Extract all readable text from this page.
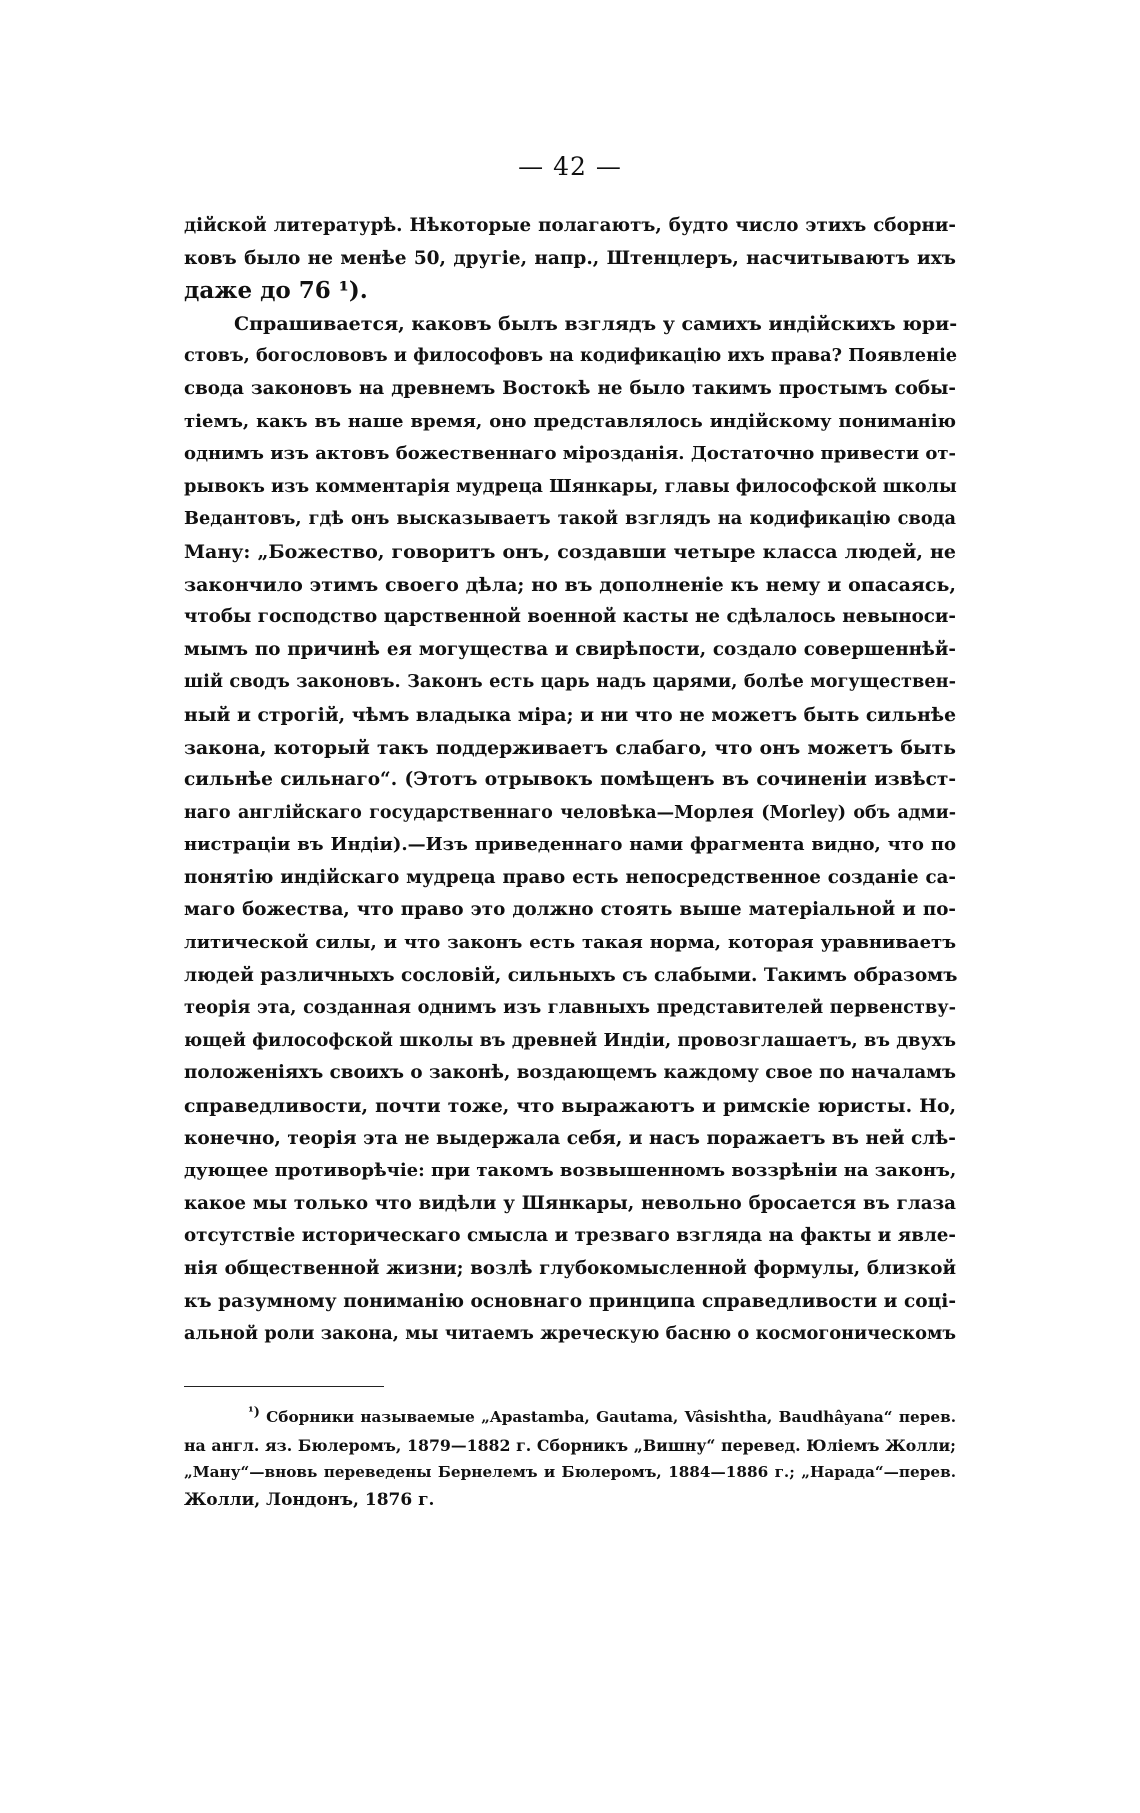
— 42 —
дійской литературѣ. Нѣкоторые полагаютъ, будто число этихъ сборни-
ковъ было не менѣе 50, другіе, напр., Штенцлеръ, насчитываютъ ихъ
даже до 76 ¹).
Спрашивается, каковъ былъ взглядъ у самихъ индійскихъ юри-
стовъ, богослововъ и философовъ на кодификацію ихъ права? Появленіе
свода законовъ на древнемъ Востокѣ не было такимъ простымъ собы-
тіемъ, какъ въ наше время, оно представлялось индійскому пониманію
однимъ изъ актовъ божественнаго мірозданія. Достаточно привести от-
рывокъ изъ комментарія мудреца Шянкары, главы философской школы
Ведантовъ, гдѣ онъ высказываетъ такой взглядъ на кодификацію свода
Ману: „Божество, говоритъ онъ, создавши четыре класса людей, не
закончило этимъ своего дѣла; но въ дополненіе къ нему и опасаясь,
чтобы господство царственной военной касты не сдѣлалось невыноси-
мымъ по причинѣ ея могущества и свирѣпости, создало совершеннѣй-
шій сводъ законовъ. Законъ есть царь надъ царями, болѣе могуществен-
ный и строгій, чѣмъ владыка міра; и ни что не можетъ быть сильнѣе
закона, который такъ поддерживаетъ слабаго, что онъ можетъ быть
сильнѣе сильнаго“. (Этотъ отрывокъ помѣщенъ въ сочиненіи извѣст-
наго англійскаго государственнаго человѣка—Морлея (Morley) объ адми-
нистраціи въ Индіи).—Изъ приведеннаго нами фрагмента видно, что по
понятію индійскаго мудреца право есть непосредственное созданіе са-
маго божества, что право это должно стоять выше матеріальной и по-
литической силы, и что законъ есть такая норма, которая уравниваетъ
людей различныхъ сословій, сильныхъ съ слабыми. Такимъ образомъ
теорія эта, созданная однимъ изъ главныхъ представителей первенству-
ющей философской школы въ древней Индіи, провозглашаетъ, въ двухъ
положеніяхъ своихъ о законѣ, воздающемъ каждому свое по началамъ
справедливости, почти тоже, что выражаютъ и римскіе юристы. Но,
конечно, теорія эта не выдержала себя, и насъ поражаетъ въ ней слѣ-
дующее противорѣчіе: при такомъ возвышенномъ воззрѣніи на законъ,
какое мы только что видѣли у Шянкары, невольно бросается въ глаза
отсутствіе историческаго смысла и трезваго взгляда на факты и явле-
нія общественной жизни; возлѣ глубокомысленной формулы, близкой
къ разумному пониманію основнаго принципа справедливости и соці-
альной роли закона, мы читаемъ жреческую басню о космогоническомъ
¹) Сборники называемые „Apastamba, Gautama, Vâsishtha, Baudhâyana“ перев.
на англ. яз. Бюлеромъ, 1879—1882 г. Сборникъ „Вишну“ перевед. Юліемъ Жолли;
„Ману“—вновь переведены Бернелемъ и Бюлеромъ, 1884—1886 г.; „Нарада“—перев.
Жолли, Лондонъ, 1876 г.
